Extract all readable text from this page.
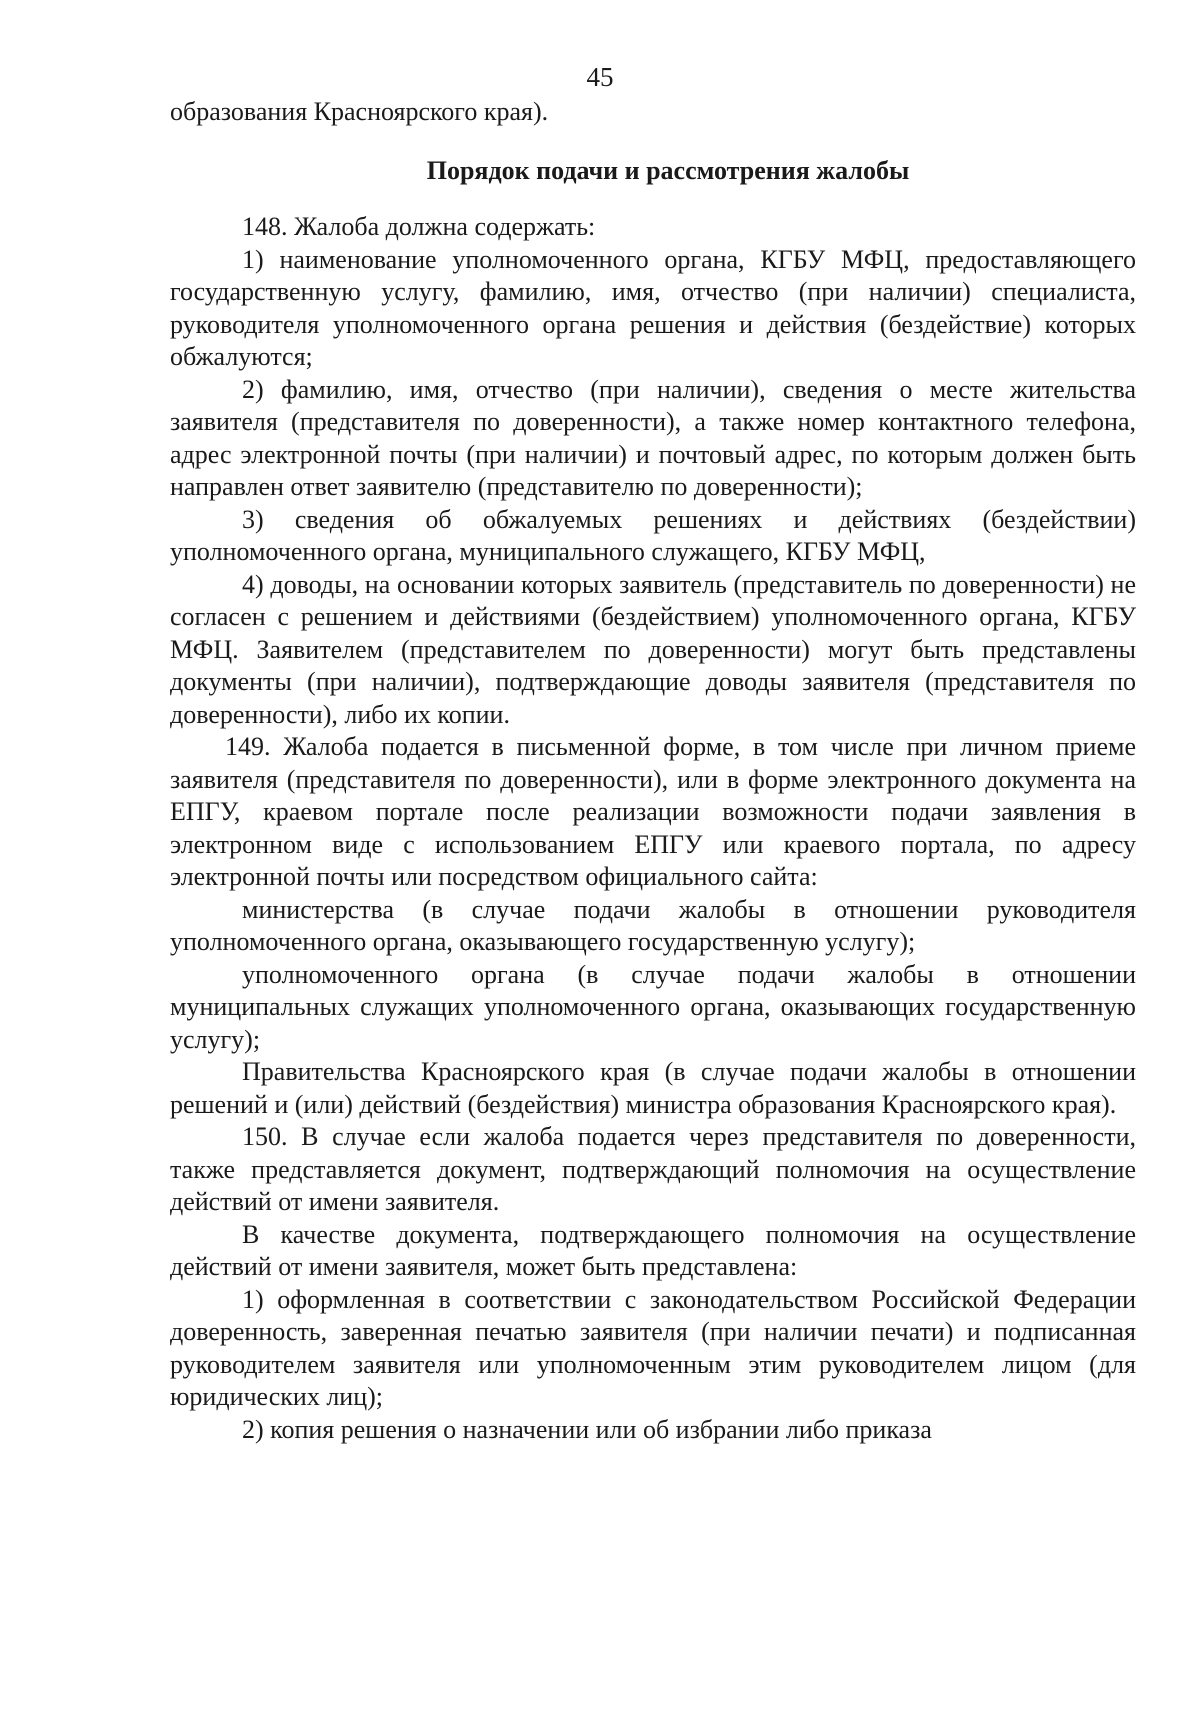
45

образования Красноярского края).

Порядок подачи и рассмотрения жалобы

148. Жалоба должна содержать:

1) наименование уполномоченного органа, КГБУ МФЦ, предоставляющего государственную услугу, фамилию, имя, отчество (при наличии) специалиста, руководителя уполномоченного органа решения и действия (бездействие) которых обжалуются;

2) фамилию, имя, отчество (при наличии), сведения о месте жительства заявителя (представителя по доверенности), а также номер контактного телефона, адрес электронной почты (при наличии) и почтовый адрес, по которым должен быть направлен ответ заявителю (представителю по доверенности);

3) сведения об обжалуемых решениях и действиях (бездействии) уполномоченного органа, муниципального служащего, КГБУ МФЦ,

4) доводы, на основании которых заявитель (представитель по доверенности) не согласен с решением и действиями (бездействием) уполномоченного органа, КГБУ МФЦ. Заявителем (представителем по доверенности) могут быть представлены документы (при наличии), подтверждающие доводы заявителя (представителя по доверенности), либо их копии.

149. Жалоба подается в письменной форме, в том числе при личном приеме заявителя (представителя по доверенности), или в форме электронного документа на ЕПГУ, краевом портале после реализации возможности подачи заявления в электронном виде с использованием ЕПГУ или краевого портала, по адресу электронной почты или посредством официального сайта:

министерства (в случае подачи жалобы в отношении руководителя уполномоченного органа, оказывающего государственную услугу);

уполномоченного органа (в случае подачи жалобы в отношении муниципальных служащих уполномоченного органа, оказывающих государственную услугу);

Правительства Красноярского края (в случае подачи жалобы в отношении решений и (или) действий (бездействия) министра образования Красноярского края).

150. В случае если жалоба подается через представителя по доверенности, также представляется документ, подтверждающий полномочия на осуществление действий от имени заявителя.

В качестве документа, подтверждающего полномочия на осуществление действий от имени заявителя, может быть представлена:

1) оформленная в соответствии с законодательством Российской Федерации доверенность, заверенная печатью заявителя (при наличии печати) и подписанная руководителем заявителя или уполномоченным этим руководителем лицом (для юридических лиц);

2) копия решения о назначении или об избрании либо приказа
